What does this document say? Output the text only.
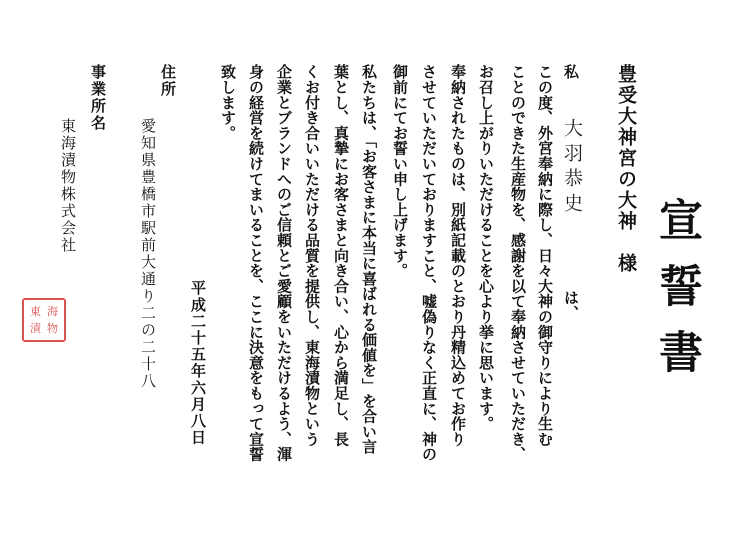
宣誓書
豊受大神宮の大神　様
私
大羽恭史
は、
この度、外宮奉納に際し、日々大神の御守りにより生む
ことのできた生産物を、感謝を以て奉納させていただき、
お召し上がりいただけることを心より挙に思います。
奉納されたものは、別紙記載のとおり丹精込めてお作り
させていただいておりますこと、嘘偽りなく正直に、神の
御前にてお誓い申し上げます。
私たちは、「お客さまに本当に喜ばれる価値を」を合い言
葉とし、真摯にお客さまと向き合い、心から満足し、長
くお付き合いいただける品質を提供し、東海漬物という
企業とブランドへのご信頼とご愛顧をいただけるよう、渾
身の経営を続けてまいることを、ここに決意をもって宣誓
致します。
平成二十五年六月八日
住所
愛知県豊橋市駅前大通り二の二十八
事業所名
東海漬物株式会社
東 海
漬 物
